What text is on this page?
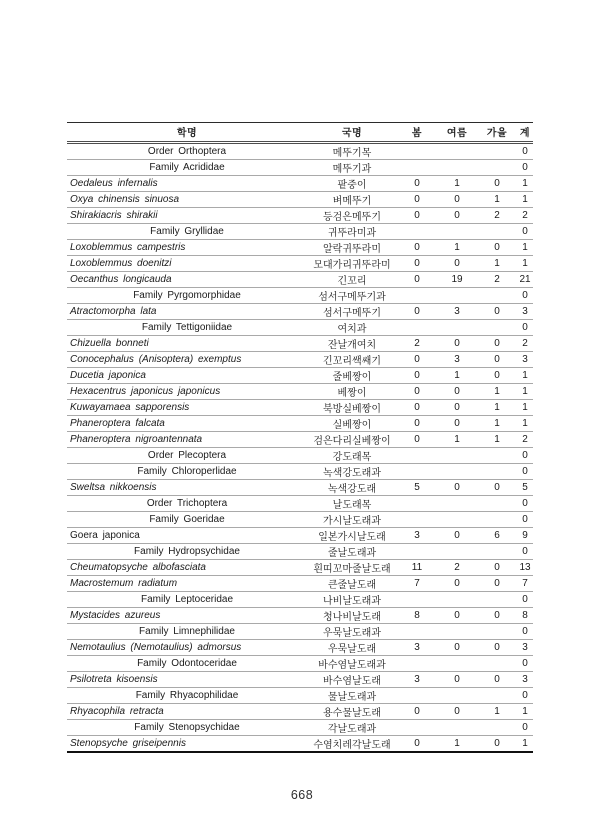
학명	국명	봄	여름	가을	계
Order Orthoptera	메뚜기목				0
Family Acrididae	메뚜기과				0
Oedaleus infernalis	팥중이	0	1	0	1
Oxya chinensis sinuosa	벼메뚜기	0	0	1	1
Shirakiacris shirakii	등검은메뚜기	0	0	2	2
Family Gryllidae	귀뚜라미과				0
Loxoblemmus campestris	알락귀뚜라미	0	1	0	1
Loxoblemmus doenitzi	모대가리귀뚜라미	0	0	1	1
Oecanthus longicauda	긴꼬리	0	19	2	21
Family Pyrgomorphidae	섬서구메뚜기과				0
Atractomorpha lata	섬서구메뚜기	0	3	0	3
Family Tettigoniidae	여치과				0
Chizuella bonneti	잔날개여치	2	0	0	2
Conocephalus (Anisoptera) exemptus	긴꼬리쌕쌔기	0	3	0	3
Ducetia japonica	줄베짱이	0	1	0	1
Hexacentrus japonicus japonicus	베짱이	0	0	1	1
Kuwayamaea sapporensis	북방실베짱이	0	0	1	1
Phaneroptera falcata	실베짱이	0	0	1	1
Phaneroptera nigroantennata	검은다리실베짱이	0	1	1	2
Order Plecoptera	강도래목				0
Family Chloroperlidae	녹색강도래과				0
Sweltsa nikkoensis	녹색강도래	5	0	0	5
Order Trichoptera	날도래목				0
Family Goeridae	가시날도래과				0
Goera japonica	일본가시날도래	3	0	6	9
Family Hydropsychidae	줄날도래과				0
Cheumatopsyche albofasciata	흰띠꼬마줄날도래	11	2	0	13
Macrostemum radiatum	큰줄날도래	7	0	0	7
Family Leptoceridae	나비날도래과				0
Mystacides azureus	청나비날도래	8	0	0	8
Family Limnephilidae	우묵날도래과				0
Nemotaulius (Nemotaulius) admorsus	우묵날도래	3	0	0	3
Family Odontoceridae	바수염날도래과				0
Psilotreta kisoensis	바수염날도래	3	0	0	3
Family Rhyacophilidae	물날도래과				0
Rhyacophila retracta	용수물날도래	0	0	1	1
Family Stenopsychidae	각날도래과				0
Stenopsyche griseipennis	수염치레각날도래	0	1	0	1
668
